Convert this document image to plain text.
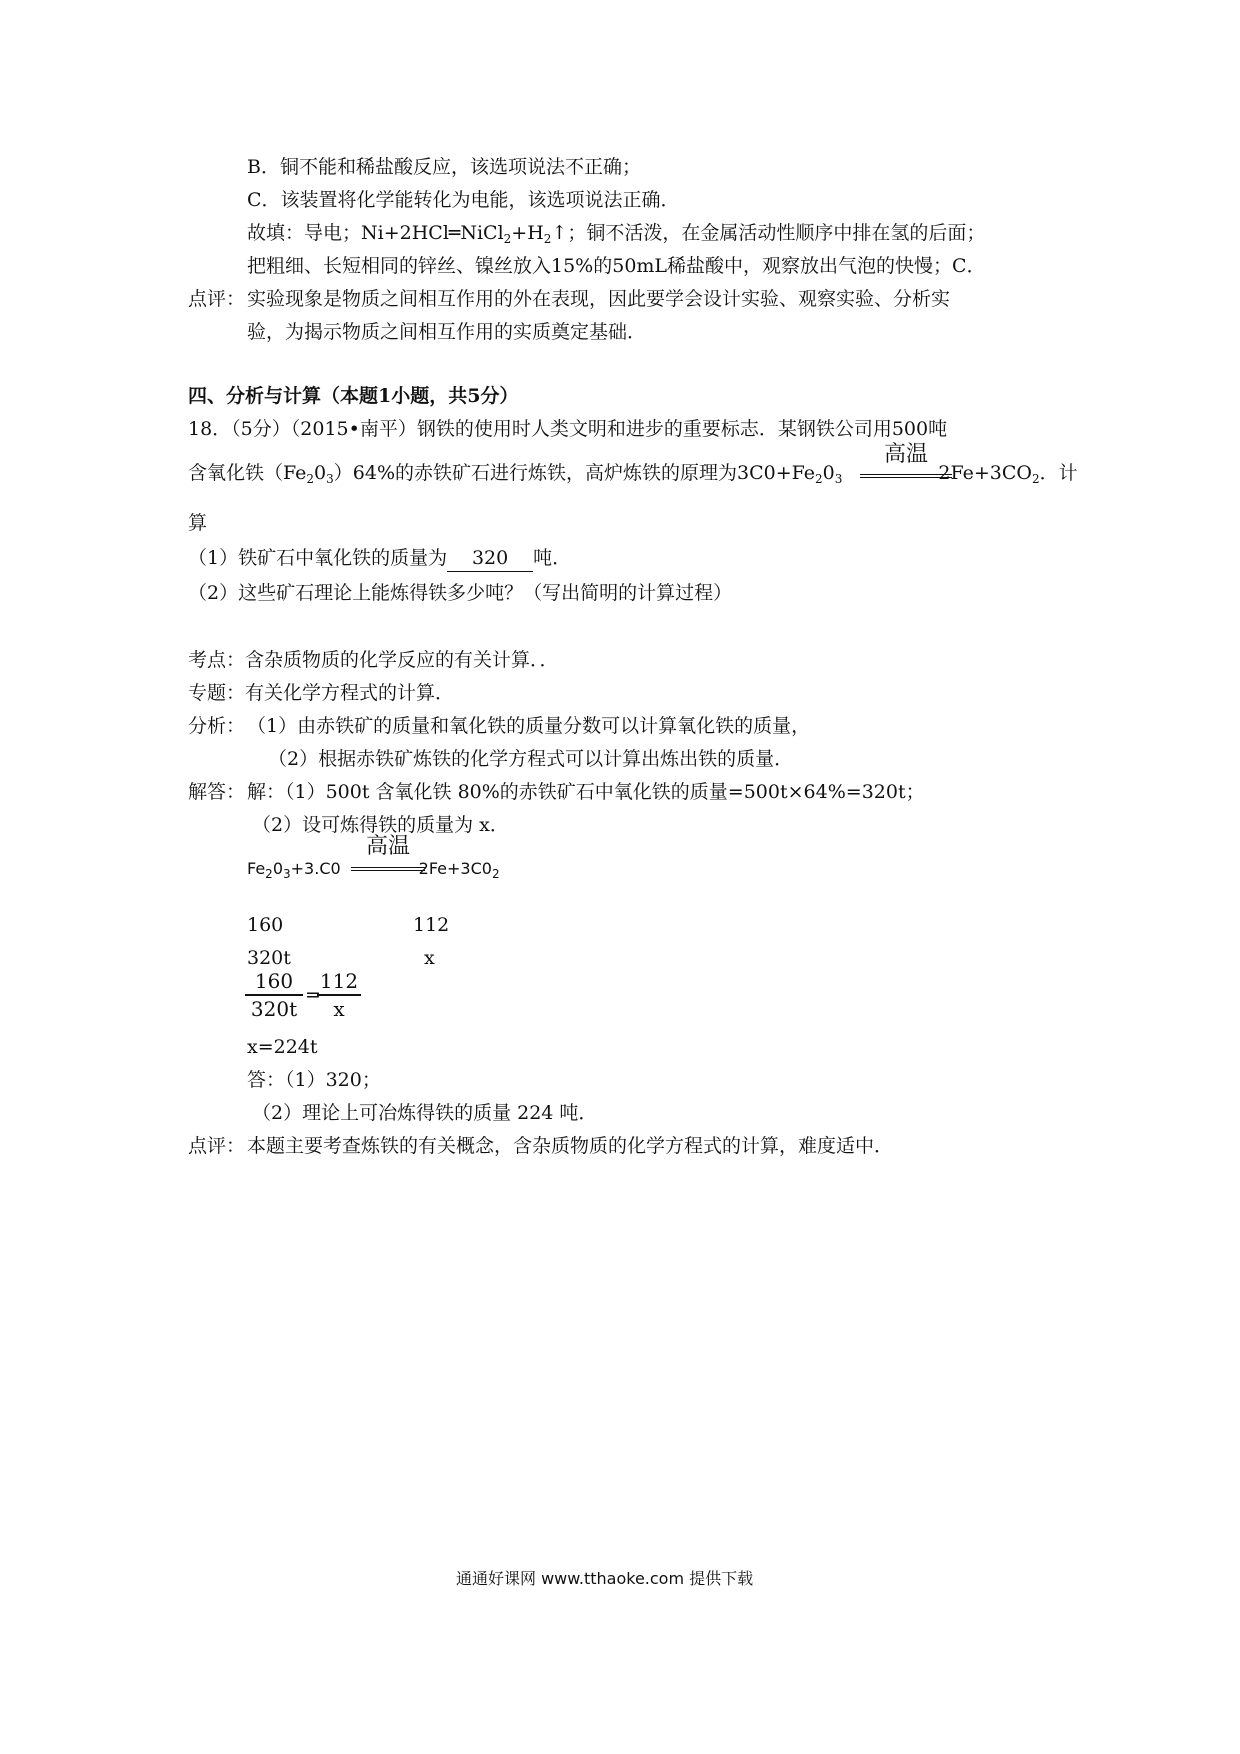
B．铜不能和稀盐酸反应，该选项说法不正确；
C．该装置将化学能转化为电能，该选项说法正确．
故填：导电；$Ni+2HCl═NiCl_2+H_2↑$；铜不活泼，在金属活动性顺序中排在氢的后面；
把粗细、长短相同的锌丝、镍丝放入15%的50mL稀盐酸中，观察放出气泡的快慢；C．
点评： 实验现象是物质之间相互作用的外在表现，因此要学会设计实验、观察实验、分析实
验，为揭示物质之间相互作用的实质奠定基础．
四、分析与计算（本题1小题，共5分）
18．（5分）（2015•南平）钢铁的使用时人类文明和进步的重要标志．某钢铁公司用500吨
含氧化铁$(Fe_20_3)64\%$的赤铁矿石进行炼铁，高炉炼铁的原理为$3C0+Fe_20_3$	$2Fe+3CO_2$．计
高温
算
（1）铁矿石中氧化铁的质量为 320 吨．
（2）这些矿石理论上能炼得铁多少吨？（写出简明的计算过程）
考点：含杂质物质的化学反应的有关计算．．
专题：有关化学方程式的计算．
分析： （1）由赤铁矿的质量和氧化铁的质量分数可以计算氧化铁的质量，
（2）根据赤铁矿炼铁的化学方程式可以计算出炼出铁的质量．
解答： 解：（1）500t 含氧化铁 80%的赤铁矿石中氧化铁的质量=500t×64%=320t；
（2）设可炼得铁的质量为 x．
$Fe_20_3+3.C0$	$2Fe+3C0_2$
高温
160	112
320t	x
$\frac{160}{320t}$ =
$\frac{112}{x}$
x=224t
答：（1）320；
（2）理论上可冶炼得铁的质量 224 吨．
点评： 本题主要考查炼铁的有关概念，含杂质物质的化学方程式的计算，难度适中．
通通好课网 www.tthaoke.com 提供下载
